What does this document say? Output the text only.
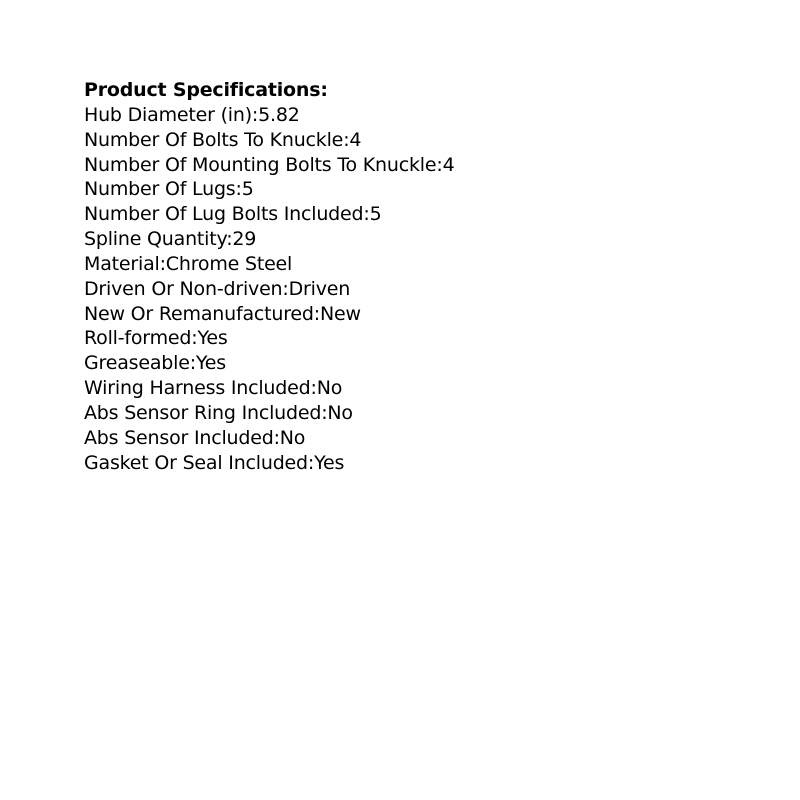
Product Specifications:
Hub Diameter (in):5.82
Number Of Bolts To Knuckle:4
Number Of Mounting Bolts To Knuckle:4
Number Of Lugs:5
Number Of Lug Bolts Included:5
Spline Quantity:29
Material:Chrome Steel
Driven Or Non-driven:Driven
New Or Remanufactured:New
Roll-formed:Yes
Greaseable:Yes
Wiring Harness Included:No
Abs Sensor Ring Included:No
Abs Sensor Included:No
Gasket Or Seal Included:Yes
